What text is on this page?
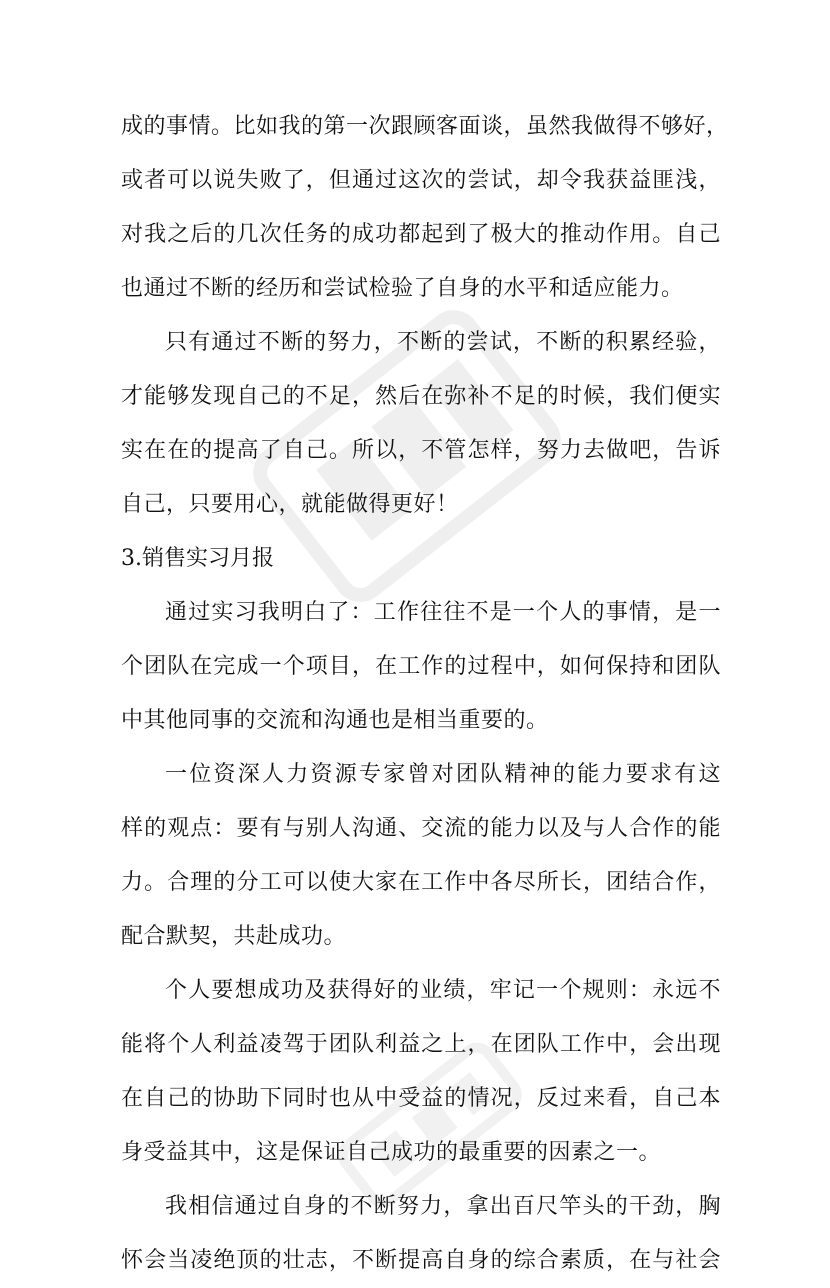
成的事情。比如我的第一次跟顾客面谈，虽然我做得不够好，
或者可以说失败了，但通过这次的尝试，却令我获益匪浅，
对我之后的几次任务的成功都起到了极大的推动作用。自己
也通过不断的经历和尝试检验了自身的水平和适应能力。
只有通过不断的努力，不断的尝试，不断的积累经验，
才能够发现自己的不足，然后在弥补不足的时候，我们便实
实在在的提高了自己。所以，不管怎样，努力去做吧，告诉
自己，只要用心，就能做得更好！
3.销售实习月报
通过实习我明白了：工作往往不是一个人的事情，是一
个团队在完成一个项目，在工作的过程中，如何保持和团队
中其他同事的交流和沟通也是相当重要的。
一位资深人力资源专家曾对团队精神的能力要求有这
样的观点：要有与别人沟通、交流的能力以及与人合作的能
力。合理的分工可以使大家在工作中各尽所长，团结合作，
配合默契，共赴成功。
个人要想成功及获得好的业绩，牢记一个规则：永远不
能将个人利益凌驾于团队利益之上，在团队工作中，会出现
在自己的协助下同时也从中受益的情况，反过来看，自己本
身受益其中，这是保证自己成功的最重要的因素之一。
我相信通过自身的不断努力，拿出百尺竿头的干劲，胸
怀会当凌绝顶的壮志，不断提高自身的综合素质，在与社会
